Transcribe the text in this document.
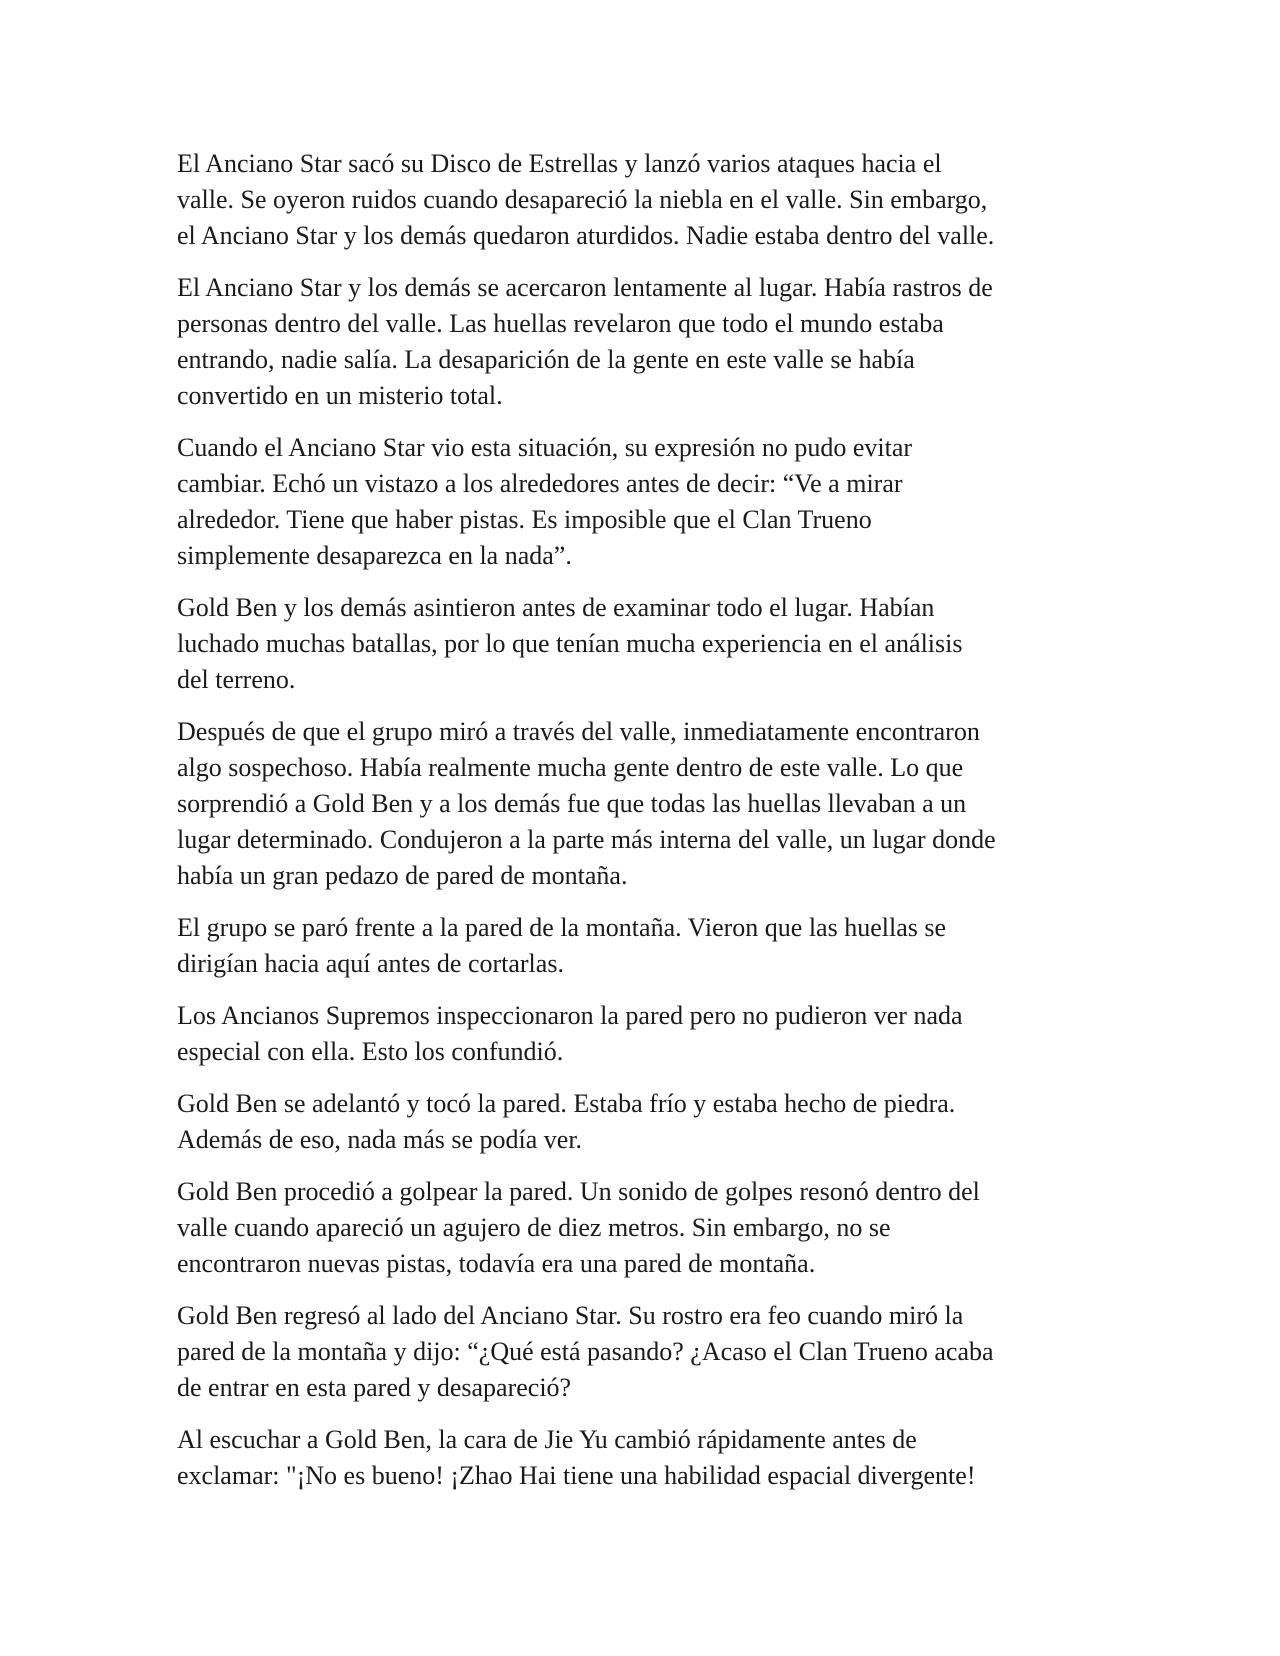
El Anciano Star sacó su Disco de Estrellas y lanzó varios ataques hacia el
valle. Se oyeron ruidos cuando desapareció la niebla en el valle. Sin embargo,
el Anciano Star y los demás quedaron aturdidos. Nadie estaba dentro del valle.

El Anciano Star y los demás se acercaron lentamente al lugar. Había rastros de
personas dentro del valle. Las huellas revelaron que todo el mundo estaba
entrando, nadie salía. La desaparición de la gente en este valle se había
convertido en un misterio total.

Cuando el Anciano Star vio esta situación, su expresión no pudo evitar
cambiar. Echó un vistazo a los alrededores antes de decir: “Ve a mirar
alrededor. Tiene que haber pistas. Es imposible que el Clan Trueno
simplemente desaparezca en la nada”.

Gold Ben y los demás asintieron antes de examinar todo el lugar. Habían
luchado muchas batallas, por lo que tenían mucha experiencia en el análisis
del terreno.

Después de que el grupo miró a través del valle, inmediatamente encontraron
algo sospechoso. Había realmente mucha gente dentro de este valle. Lo que
sorprendió a Gold Ben y a los demás fue que todas las huellas llevaban a un
lugar determinado. Condujeron a la parte más interna del valle, un lugar donde
había un gran pedazo de pared de montaña.

El grupo se paró frente a la pared de la montaña. Vieron que las huellas se
dirigían hacia aquí antes de cortarlas.

Los Ancianos Supremos inspeccionaron la pared pero no pudieron ver nada
especial con ella. Esto los confundió.

Gold Ben se adelantó y tocó la pared. Estaba frío y estaba hecho de piedra.
Además de eso, nada más se podía ver.

Gold Ben procedió a golpear la pared. Un sonido de golpes resonó dentro del
valle cuando apareció un agujero de diez metros. Sin embargo, no se
encontraron nuevas pistas, todavía era una pared de montaña.

Gold Ben regresó al lado del Anciano Star. Su rostro era feo cuando miró la
pared de la montaña y dijo: “¿Qué está pasando? ¿Acaso el Clan Trueno acaba
de entrar en esta pared y desapareció?

Al escuchar a Gold Ben, la cara de Jie Yu cambió rápidamente antes de
exclamar: "¡No es bueno! ¡Zhao Hai tiene una habilidad espacial divergente!
